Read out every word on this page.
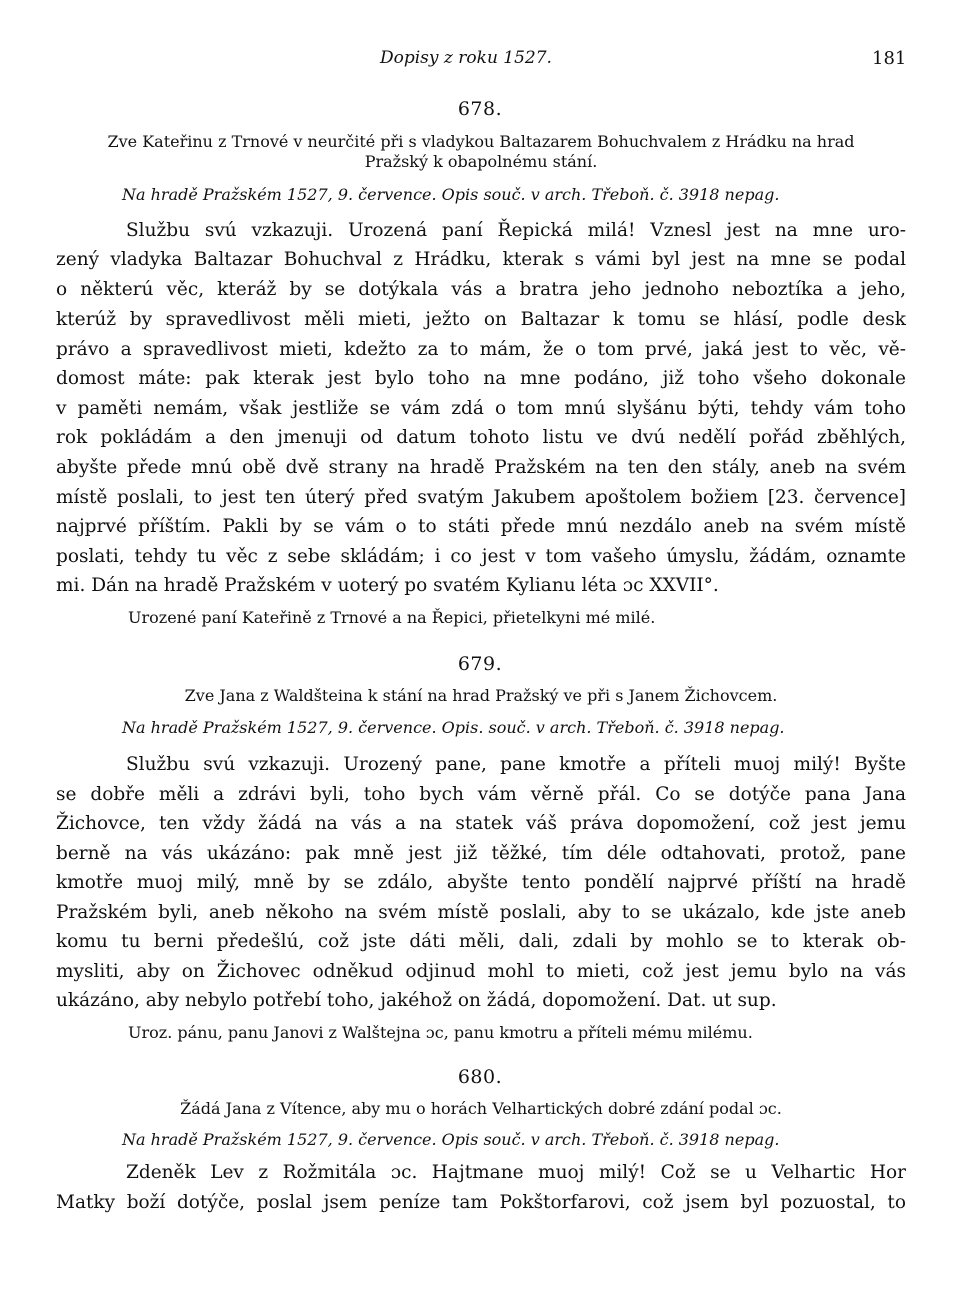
Dopisy z roku 1527.	181
678.
Zve Kateřinu z Trnové v neurčité při s vladykou Baltazarem Bohuchvalem z Hrádku na hrad
Pražský k obapolnému stání.
Na hradě Pražském 1527, 9. července. Opis souč. v arch. Třeboň. č. 3918 nepag.
Službu svú vzkazuji. Urozená paní Řepická milá! Vznesl jest na mne uro-
zený vladyka Baltazar Bohuchval z Hrádku, kterak s vámi byl jest na mne se podal
o některú věc, kteráž by se dotýkala vás a bratra jeho jednoho neboztíka a jeho,
kterúž by spravedlivost měli mieti, ježto on Baltazar k tomu se hlásí, podle desk
právo a spravedlivost mieti, kdežto za to mám, že o tom prvé, jaká jest to věc, vě-
domost máte: pak kterak jest bylo toho na mne podáno, již toho všeho dokonale
v paměti nemám, však jestliže se vám zdá o tom mnú slyšánu býti, tehdy vám toho
rok pokládám a den jmenuji od datum tohoto listu ve dvú nedělí pořád zběhlých,
abyšte přede mnú obě dvě strany na hradě Pražském na ten den stály, aneb na svém
místě poslali, to jest ten úterý před svatým Jakubem apoštolem božiem [23. července]
najprvé příštím. Pakli by se vám o to státi přede mnú nezdálo aneb na svém místě
poslati, tehdy tu věc z sebe skládám; i co jest v tom vašeho úmyslu, žádám, oznamte
mi. Dán na hradě Pražském v uoterý po svatém Kylianu léta ɔc XXVII°.
Urozené paní Kateřině z Trnové a na Řepici, přietelkyni mé milé.
679.
Zve Jana z Waldšteina k stání na hrad Pražský ve při s Janem Žichovcem.
Na hradě Pražském 1527, 9. července. Opis. souč. v arch. Třeboň. č. 3918 nepag.
Službu svú vzkazuji. Urozený pane, pane kmotře a příteli muoj milý! Byšte
se dobře měli a zdrávi byli, toho bych vám věrně přál. Co se dotýče pana Jana
Žichovce, ten vždy žádá na vás a na statek váš práva dopomožení, což jest jemu
berně na vás ukázáno: pak mně jest již těžké, tím déle odtahovati, protož, pane
kmotře muoj milý, mně by se zdálo, abyšte tento pondělí najprvé příští na hradě
Pražském byli, aneb někoho na svém místě poslali, aby to se ukázalo, kde jste aneb
komu tu berni předešlú, což jste dáti měli, dali, zdali by mohlo se to kterak ob-
mysliti, aby on Žichovec odněkud odjinud mohl to mieti, což jest jemu bylo na vás
ukázáno, aby nebylo potřebí toho, jakéhož on žádá, dopomožení. Dat. ut sup.
Uroz. pánu, panu Janovi z Walštejna ɔc, panu kmotru a příteli mému milému.
680.
Žádá Jana z Vítence, aby mu o horách Velhartických dobré zdání podal ɔc.
Na hradě Pražském 1527, 9. července. Opis souč. v arch. Třeboň. č. 3918 nepag.
Zdeněk Lev z Rožmitála ɔc. Hajtmane muoj milý! Což se u Velhartic Hor
Matky boží dotýče, poslal jsem peníze tam Pokštorfarovi, což jsem byl pozuostal, to
